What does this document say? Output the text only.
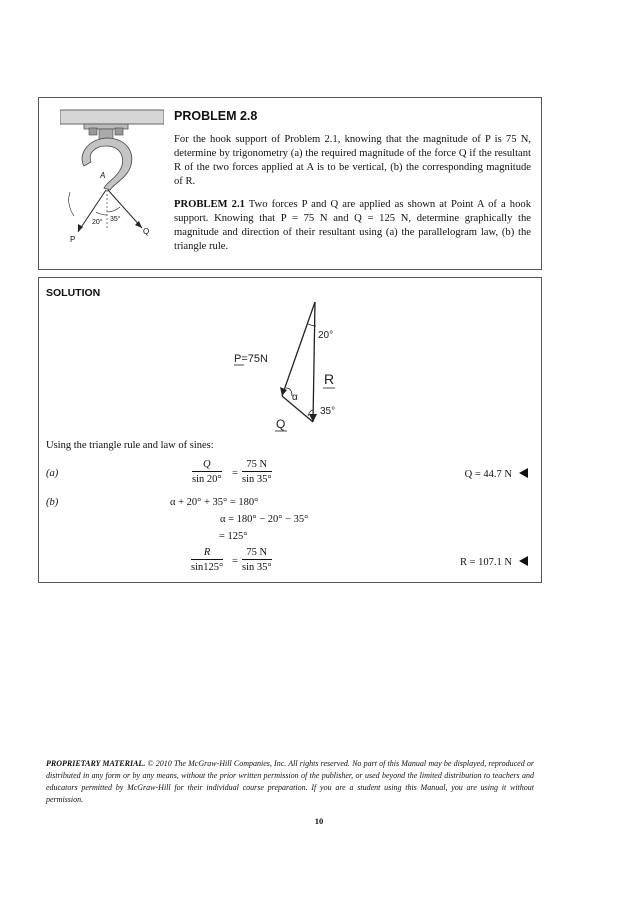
A
20° 35°
P
Q
PROBLEM 2.8
For the hook support of Problem 2.1, knowing that the magnitude of P is 75 N, determine by trigonometry (a) the required magnitude of the force Q if the resultant R of the two forces applied at A is to be vertical, (b) the corresponding magnitude of R.
PROBLEM 2.1 Two forces P and Q are applied as shown at Point A of a hook support. Knowing that P = 75 N and Q = 125 N, determine graphically the magnitude and direction of their resultant using (a) the parallelogram law, (b) the triangle rule.
SOLUTION
20°
P=75N
R
α
35°
Q
Using the triangle rule and law of sines:
(a)	$\frac{Q}{\sin 20^\circ} = \frac{75 N}{\sin 35^\circ}$	Q = 44.7 N
(b)	α + 20° + 35° = 180°
α = 180° − 20° − 35°
= 125°
$\frac{R}{\sin 125^\circ} = \frac{75 N}{\sin 35^\circ}$	R = 107.1 N
PROPRIETARY MATERIAL. © 2010 The McGraw-Hill Companies, Inc. All rights reserved. No part of this Manual may be displayed, reproduced or distributed in any form or by any means, without the prior written permission of the publisher, or used beyond the limited distribution to teachers and educators permitted by McGraw-Hill for their individual course preparation. If you are a student using this Manual, you are using it without permission.
10
